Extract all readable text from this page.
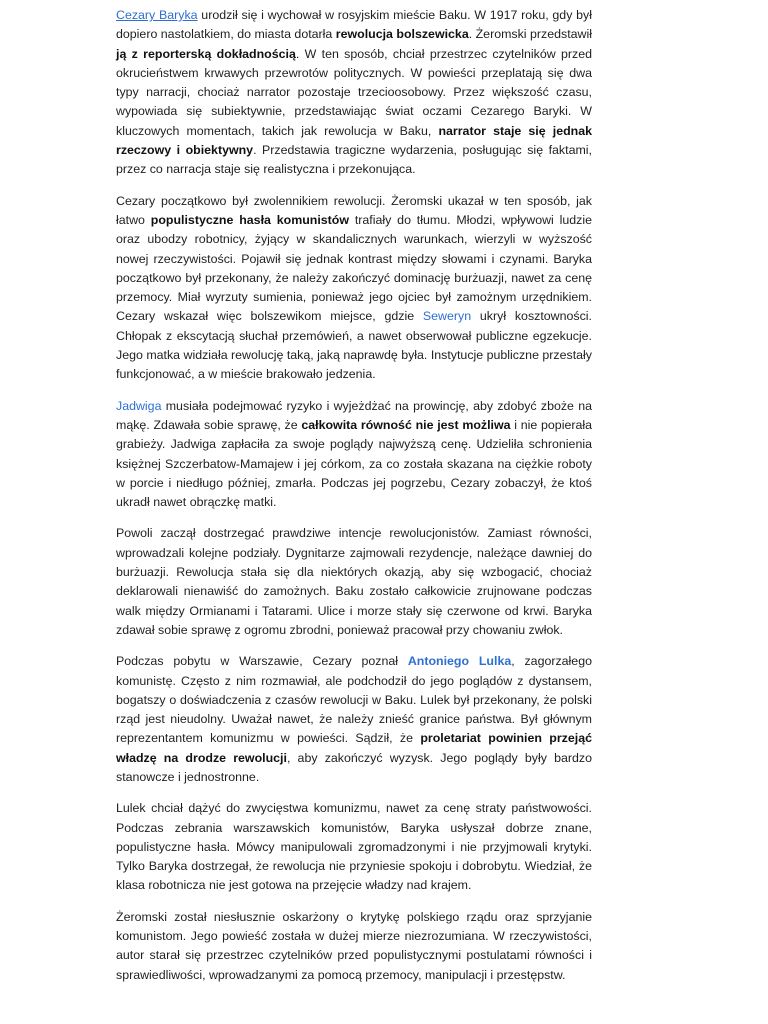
Cezary Baryka urodził się i wychował w rosyjskim mieście Baku. W 1917 roku, gdy był dopiero nastolatkiem, do miasta dotarła rewolucja bolszewicka. Żeromski przedstawił ją z reporterską dokładnością. W ten sposób, chciał przestrzec czytelników przed okrucieństwem krwawych przewrotów politycznych. W powieści przeplatają się dwa typy narracji, chociaż narrator pozostaje trzecioosobowy. Przez większość czasu, wypowiada się subiektywnie, przedstawiając świat oczami Cezarego Baryki. W kluczowych momentach, takich jak rewolucja w Baku, narrator staje się jednak rzeczowy i obiektywny. Przedstawia tragiczne wydarzenia, posługując się faktami, przez co narracja staje się realistyczna i przekonująca.

Cezary początkowo był zwolennikiem rewolucji. Żeromski ukazał w ten sposób, jak łatwo populistyczne hasła komunistów trafiały do tłumu. Młodzi, wpływowi ludzie oraz ubodzy robotnicy, żyjący w skandalicznych warunkach, wierzyli w wyższość nowej rzeczywistości. Pojawił się jednak kontrast między słowami i czynami. Baryka początkowo był przekonany, że należy zakończyć dominację burżuazji, nawet za cenę przemocy. Miał wyrzuty sumienia, ponieważ jego ojciec był zamożnym urzędnikiem. Cezary wskazał więc bolszewikom miejsce, gdzie Seweryn ukrył kosztowności. Chłopak z ekscytacją słuchał przemówień, a nawet obserwował publiczne egzekucje. Jego matka widziała rewolucję taką, jaką naprawdę była. Instytucje publiczne przestały funkcjonować, a w mieście brakowało jedzenia.

Jadwiga musiała podejmować ryzyko i wyjeżdżać na prowincję, aby zdobyć zboże na mąkę. Zdawała sobie sprawę, że całkowita równość nie jest możliwa i nie popierała grabieży. Jadwiga zapłaciła za swoje poglądy najwyższą cenę. Udzieliła schronienia księżnej Szczerbatow-Mamajew i jej córkom, za co została skazana na ciężkie roboty w porcie i niedługo później, zmarła. Podczas jej pogrzebu, Cezary zobaczył, że ktoś ukradł nawet obrączkę matki.

Powoli zaczął dostrzegać prawdziwe intencje rewolucjonistów. Zamiast równości, wprowadzali kolejne podziały. Dygnitarze zajmowali rezydencje, należące dawniej do burżuazji. Rewolucja stała się dla niektórych okazją, aby się wzbogacić, chociaż deklarowali nienawiść do zamożnych. Baku zostało całkowicie zrujnowane podczas walk między Ormianami i Tatarami. Ulice i morze stały się czerwone od krwi. Baryka zdawał sobie sprawę z ogromu zbrodni, ponieważ pracował przy chowaniu zwłok.

Podczas pobytu w Warszawie, Cezary poznał Antoniego Lulka, zagorzałego komunistę. Często z nim rozmawiał, ale podchodził do jego poglądów z dystansem, bogatszy o doświadczenia z czasów rewolucji w Baku. Lulek był przekonany, że polski rząd jest nieudolny. Uważał nawet, że należy znieść granice państwa. Był głównym reprezentantem komunizmu w powieści. Sądził, że proletariat powinien przejąć władzę na drodze rewolucji, aby zakończyć wyzysk. Jego poglądy były bardzo stanowcze i jednostronne.

Lulek chciał dążyć do zwycięstwa komunizmu, nawet za cenę straty państwowości. Podczas zebrania warszawskich komunistów, Baryka usłyszał dobrze znane, populistyczne hasła. Mówcy manipulowali zgromadzonymi i nie przyjmowali krytyki. Tylko Baryka dostrzegał, że rewolucja nie przyniesie spokoju i dobrobytu. Wiedział, że klasa robotnicza nie jest gotowa na przejęcie władzy nad krajem.

Żeromski został niesłusznie oskarżony o krytykę polskiego rządu oraz sprzyjanie komunistom. Jego powieść została w dużej mierze niezrozumiana. W rzeczywistości, autor starał się przestrzec czytelników przed populistycznymi postulatami równości i sprawiedliwości, wprowadzanymi za pomocą przemocy, manipulacji i przestępstw.
